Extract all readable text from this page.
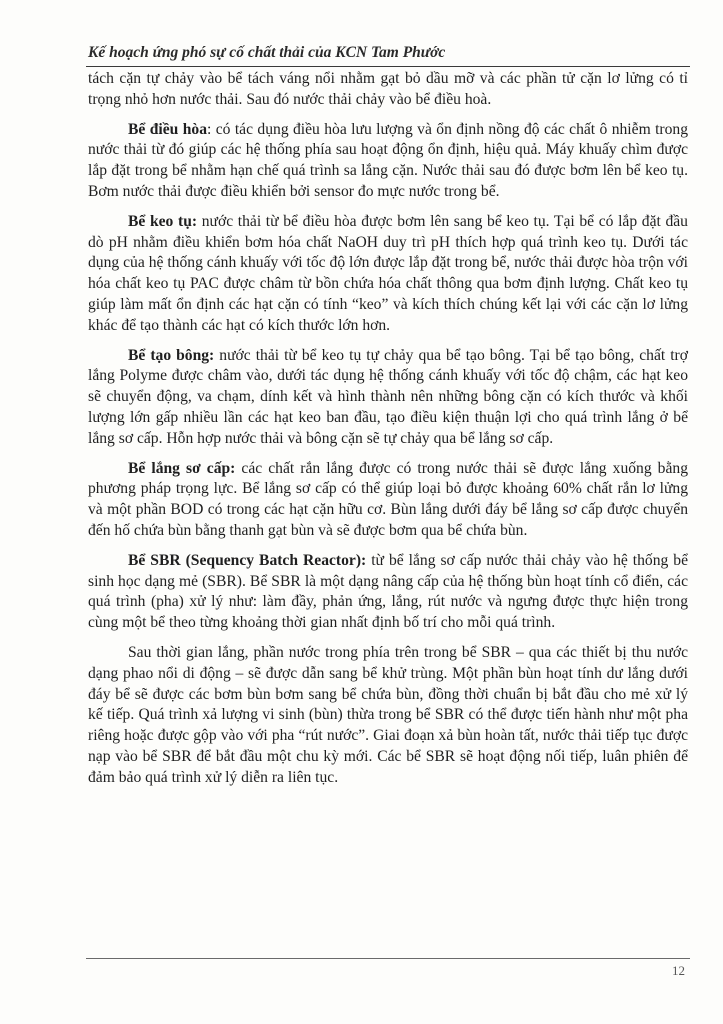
Kế hoạch ứng phó sự cố chất thải của KCN Tam Phước

tách cặn tự chảy vào bể tách váng nổi nhằm gạt bỏ dầu mỡ và các phần tử cặn lơ lửng có tỉ trọng nhỏ hơn nước thải. Sau đó nước thải chảy vào bể điều hoà.

Bể điều hòa: có tác dụng điều hòa lưu lượng và ổn định nồng độ các chất ô nhiễm trong nước thải từ đó giúp các hệ thống phía sau hoạt động ổn định, hiệu quả. Máy khuấy chìm được lắp đặt trong bể nhằm hạn chế quá trình sa lắng cặn. Nước thải sau đó được bơm lên bể keo tụ. Bơm nước thải được điều khiển bởi sensor đo mực nước trong bể.

Bể keo tụ: nước thải từ bể điều hòa được bơm lên sang bể keo tụ. Tại bể có lắp đặt đầu dò pH nhằm điều khiển bơm hóa chất NaOH duy trì pH thích hợp quá trình keo tụ. Dưới tác dụng của hệ thống cánh khuấy với tốc độ lớn được lắp đặt trong bể, nước thải được hòa trộn với hóa chất keo tụ PAC được châm từ bồn chứa hóa chất thông qua bơm định lượng. Chất keo tụ giúp làm mất ổn định các hạt cặn có tính “keo” và kích thích chúng kết lại với các cặn lơ lửng khác để tạo thành các hạt có kích thước lớn hơn.

Bể tạo bông: nước thải từ bể keo tụ tự chảy qua bể tạo bông. Tại bể tạo bông, chất trợ lắng Polyme được châm vào, dưới tác dụng hệ thống cánh khuấy với tốc độ chậm, các hạt keo sẽ chuyển động, va chạm, dính kết và hình thành nên những bông cặn có kích thước và khối lượng lớn gấp nhiều lần các hạt keo ban đầu, tạo điều kiện thuận lợi cho quá trình lắng ở bể lắng sơ cấp. Hỗn hợp nước thải và bông cặn sẽ tự chảy qua bể lắng sơ cấp.

Bể lắng sơ cấp: các chất rắn lắng được có trong nước thải sẽ được lắng xuống bằng phương pháp trọng lực. Bể lắng sơ cấp có thể giúp loại bỏ được khoảng 60% chất rắn lơ lửng và một phần BOD có trong các hạt cặn hữu cơ. Bùn lắng dưới đáy bể lắng sơ cấp được chuyển đến hố chứa bùn bằng thanh gạt bùn và sẽ được bơm qua bể chứa bùn.

Bể SBR (Sequency Batch Reactor): từ bể lắng sơ cấp nước thải chảy vào hệ thống bể sinh học dạng mẻ (SBR). Bể SBR là một dạng nâng cấp của hệ thống bùn hoạt tính cổ điển, các quá trình (pha) xử lý như: làm đầy, phản ứng, lắng, rút nước và ngưng được thực hiện trong cùng một bể theo từng khoảng thời gian nhất định bố trí cho mỗi quá trình.

Sau thời gian lắng, phần nước trong phía trên trong bể SBR – qua các thiết bị thu nước dạng phao nổi di động – sẽ được dẫn sang bể khử trùng. Một phần bùn hoạt tính dư lắng dưới đáy bể sẽ được các bơm bùn bơm sang bể chứa bùn, đồng thời chuẩn bị bắt đầu cho mẻ xử lý kế tiếp. Quá trình xả lượng vi sinh (bùn) thừa trong bể SBR có thể được tiến hành như một pha riêng hoặc được gộp vào với pha “rút nước”. Giai đoạn xả bùn hoàn tất, nước thải tiếp tục được nạp vào bể SBR để bắt đầu một chu kỳ mới. Các bể SBR sẽ hoạt động nối tiếp, luân phiên để đảm bảo quá trình xử lý diễn ra liên tục.

12
